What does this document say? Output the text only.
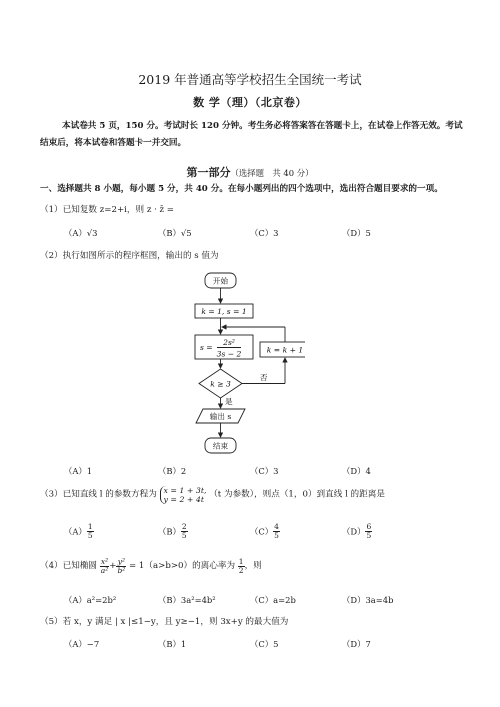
2019 年普通高等学校招生全国统一考试
数 学（理）（北京卷）
本试卷共 5 页，150 分。考试时长 120 分钟。考生务必将答案答在答题卡上，在试卷上作答无效。考试
结束后，将本试卷和答题卡一并交回。
第一部分（选择题　共 40 分）
一、选择题共 8 小题，每小题 5 分，共 40 分。在每小题列出的四个选项中，选出符合题目要求的一项。
（1）已知复数 z=2+i，则 z · z̄ =
（A）√3	（B）√5	（C）3	（D）5
（2）执行如图所示的程序框图，输出的 s 值为
开始
k = 1, s = 1
s =
2s²
3s − 2
k ≥ 3
否
k = k + 1
是
输出 s
结束
（A）1	（B）2	（C）3	（D）4
（3）已知直线 l 的参数方程为 x = 1 + 3t,
y = 2 + 4t （t 为参数），则点（1，0）到直线 l 的距离是
$(A) \frac{1}{5}$	$(B) \frac{2}{5}$	$(C) \frac{4}{5}$	$(D) \frac{6}{5}$
（4）已知椭圆 $\frac{\text{x²}}{\text{a²}} + \frac{\text{y²}}{\text{b²}} = 1(a>b>0)$的离心率为 $\frac{1}{2}$ ，则
（A）a²=2b²	（B）3a²=4b²	（C）a=2b	（D）3a=4b
（5）若 x，y 满足 | x |≤1−y，且 y≥−1，则 3x+y 的最大值为
（A）−7	（B）1	（C）5	（D）7
